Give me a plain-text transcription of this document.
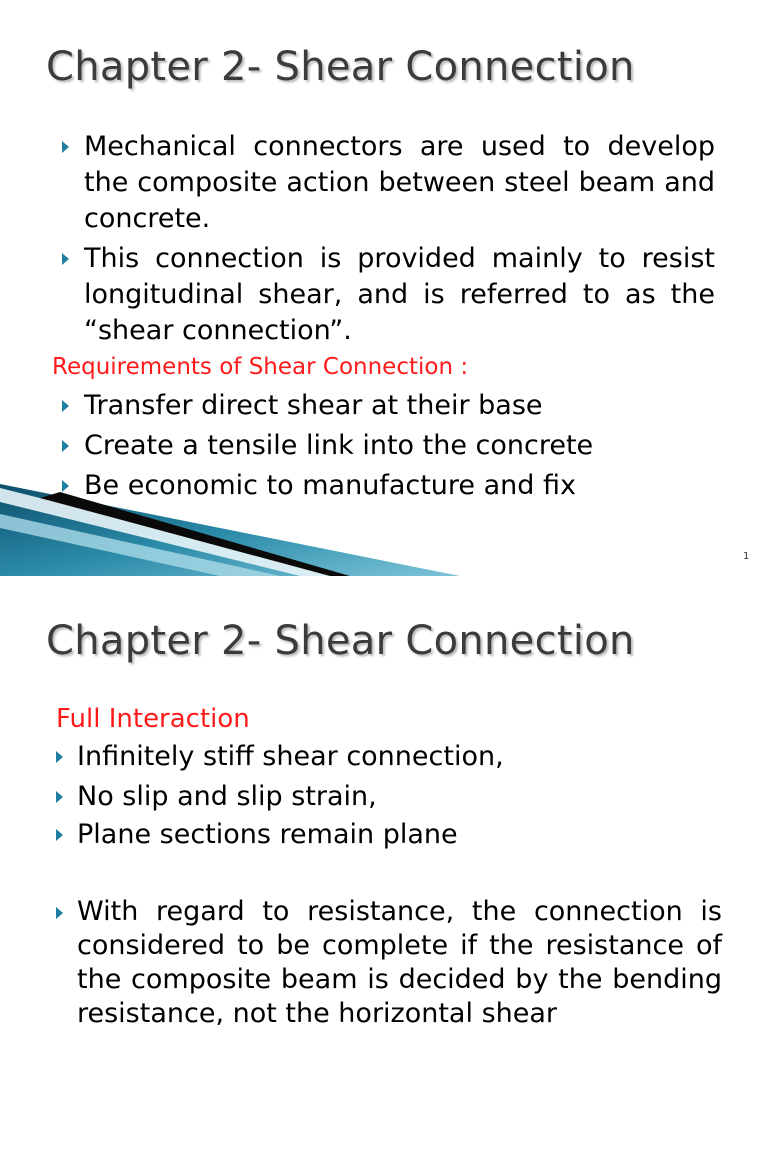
Chapter 2- Shear Connection
Mechanical connectors are used to develop the composite action between steel beam and concrete.
This connection is provided mainly to resist longitudinal shear, and is referred to as the “shear connection”.
Requirements of Shear Connection :
Transfer direct shear at their base
Create a tensile link into the concrete
Be economic to manufacture and fix
1
Chapter 2- Shear Connection
Full Interaction
Infinitely stiff shear connection,
No slip and slip strain,
Plane sections remain plane
With regard to resistance, the connection is considered to be complete if the resistance of the composite beam is decided by the bending resistance, not the horizontal shear
